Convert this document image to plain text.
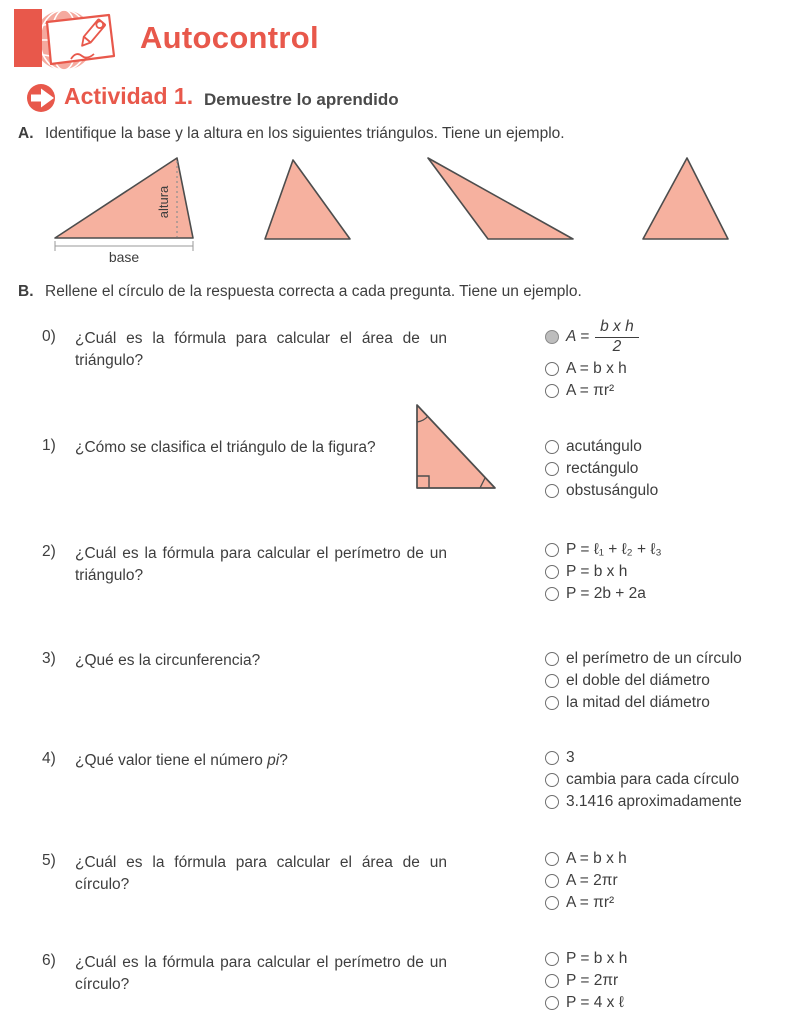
Autocontrol
Actividad 1. Demuestre lo aprendido
A. Identifique la base y la altura en los siguientes triángulos. Tiene un ejemplo.
altura
base
B. Rellene el círculo de la respuesta correcta a cada pregunta. Tiene un ejemplo.
0) ¿Cuál es la fórmula para calcular el área de un triángulo?
$A = \frac{\text{b x h}}{2}$
A = b x h
A = πr²
1) ¿Cómo se clasifica el triángulo de la figura?	acutángulo
rectángulo
obstusángulo
2) ¿Cuál es la fórmula para calcular el perímetro de un triángulo?
P = ℓ₁ + ℓ₂ + ℓ₃
P = b x h
P = 2b + 2a
3) ¿Qué es la circunferencia?	el perímetro de un círculo
el doble del diámetro
la mitad del diámetro
4) ¿Qué valor tiene el número pi?	3
cambia para cada círculo
3.1416 aproximadamente
5) ¿Cuál es la fórmula para calcular el área de un círculo?
A = b x h
A = 2πr
A = πr²
6) ¿Cuál es la fórmula para calcular el perímetro de un círculo?
P = b x h
P = 2πr
P = 4 x ℓ
